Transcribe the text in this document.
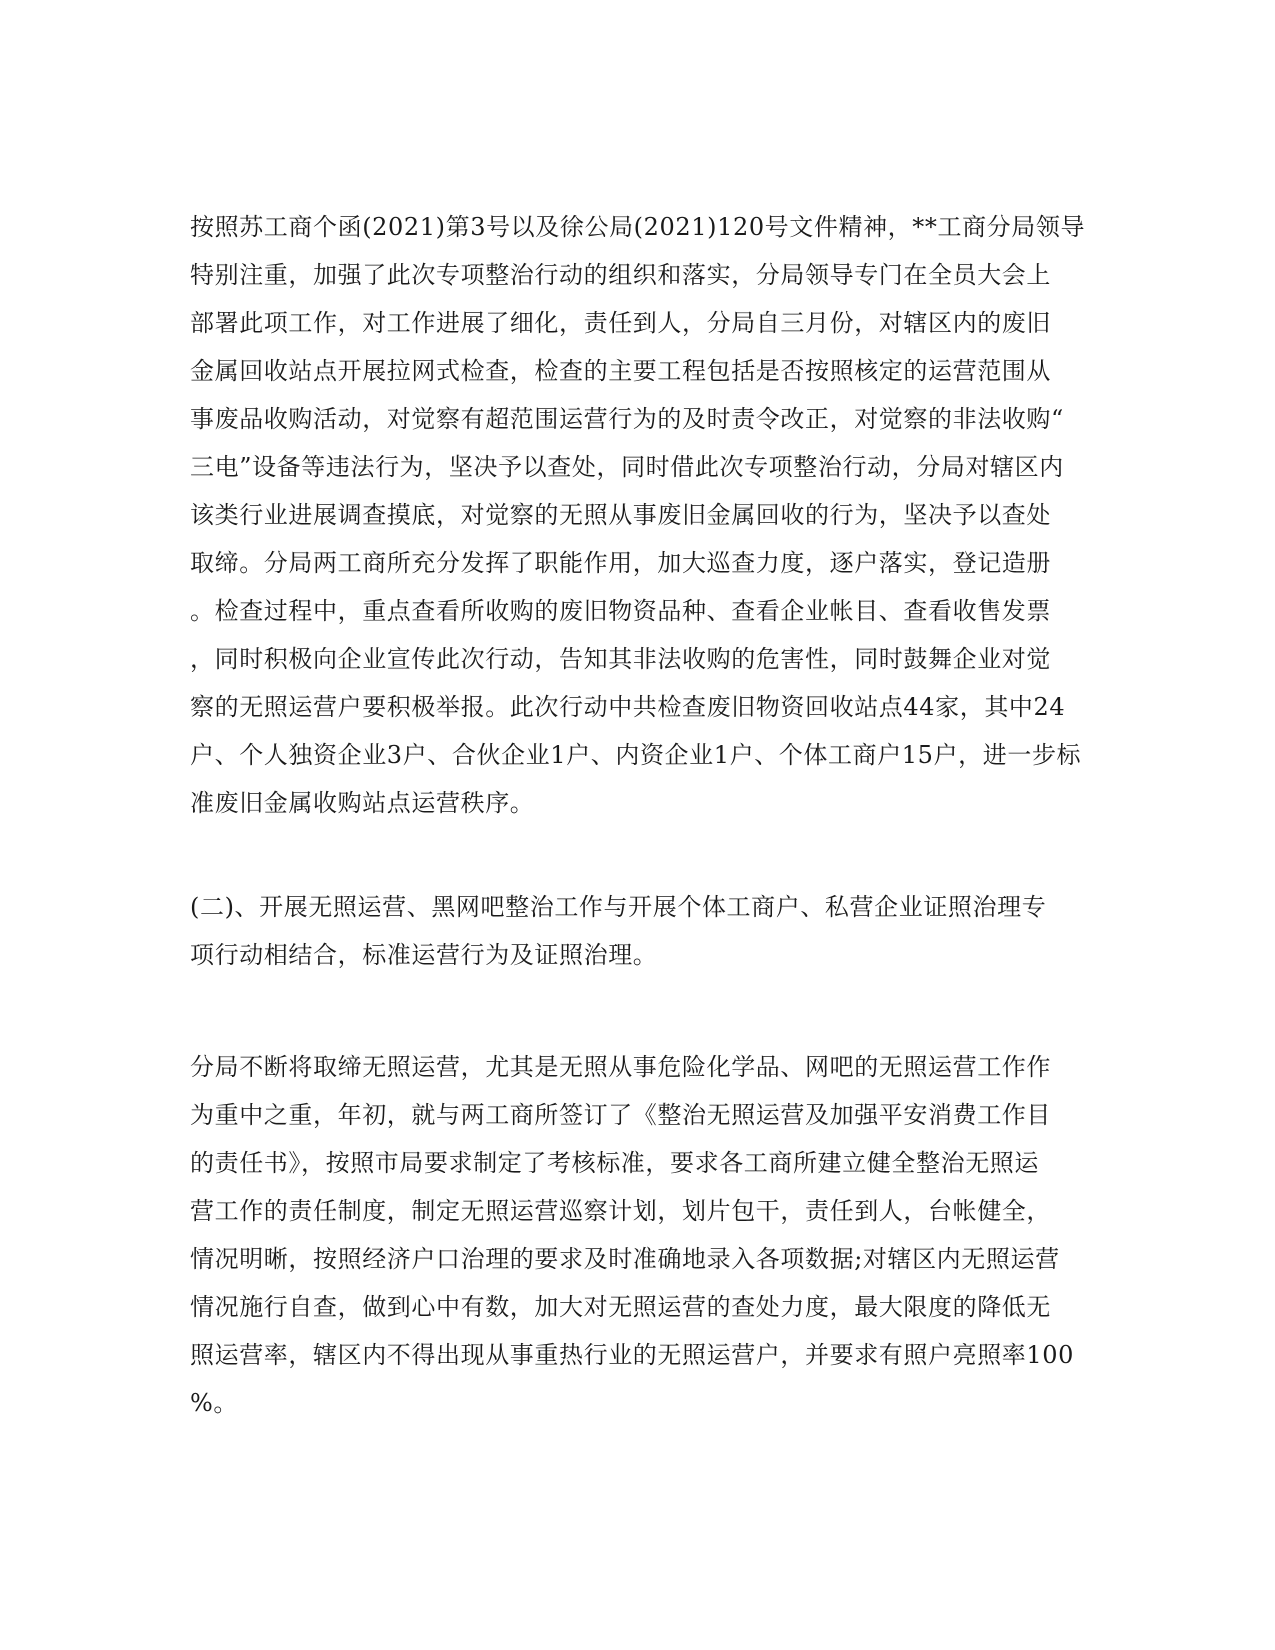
按照苏工商个函(2021)第3号以及徐公局(2021)120号文件精神，**工商分局领导
特别注重，加强了此次专项整治行动的组织和落实，分局领导专门在全员大会上
部署此项工作，对工作进展了细化，责任到人，分局自三月份，对辖区内的废旧
金属回收站点开展拉网式检查，检查的主要工程包括是否按照核定的运营范围从
事废品收购活动，对觉察有超范围运营行为的及时责令改正，对觉察的非法收购“
三电”设备等违法行为，坚决予以查处，同时借此次专项整治行动，分局对辖区内
该类行业进展调查摸底，对觉察的无照从事废旧金属回收的行为，坚决予以查处
取缔。分局两工商所充分发挥了职能作用，加大巡查力度，逐户落实，登记造册
。检查过程中，重点查看所收购的废旧物资品种、查看企业帐目、查看收售发票
，同时积极向企业宣传此次行动，告知其非法收购的危害性，同时鼓舞企业对觉
察的无照运营户要积极举报。此次行动中共检查废旧物资回收站点44家，其中24
户、个人独资企业3户、合伙企业1户、内资企业1户、个体工商户15户，进一步标
准废旧金属收购站点运营秩序。
(二)、开展无照运营、黑网吧整治工作与开展个体工商户、私营企业证照治理专
项行动相结合，标准运营行为及证照治理。
分局不断将取缔无照运营，尤其是无照从事危险化学品、网吧的无照运营工作作
为重中之重，年初，就与两工商所签订了《整治无照运营及加强平安消费工作目
的责任书》，按照市局要求制定了考核标准，要求各工商所建立健全整治无照运
营工作的责任制度，制定无照运营巡察计划，划片包干，责任到人，台帐健全，
情况明晰，按照经济户口治理的要求及时准确地录入各项数据;对辖区内无照运营
情况施行自查，做到心中有数，加大对无照运营的查处力度，最大限度的降低无
照运营率，辖区内不得出现从事重热行业的无照运营户，并要求有照户亮照率100
%。
